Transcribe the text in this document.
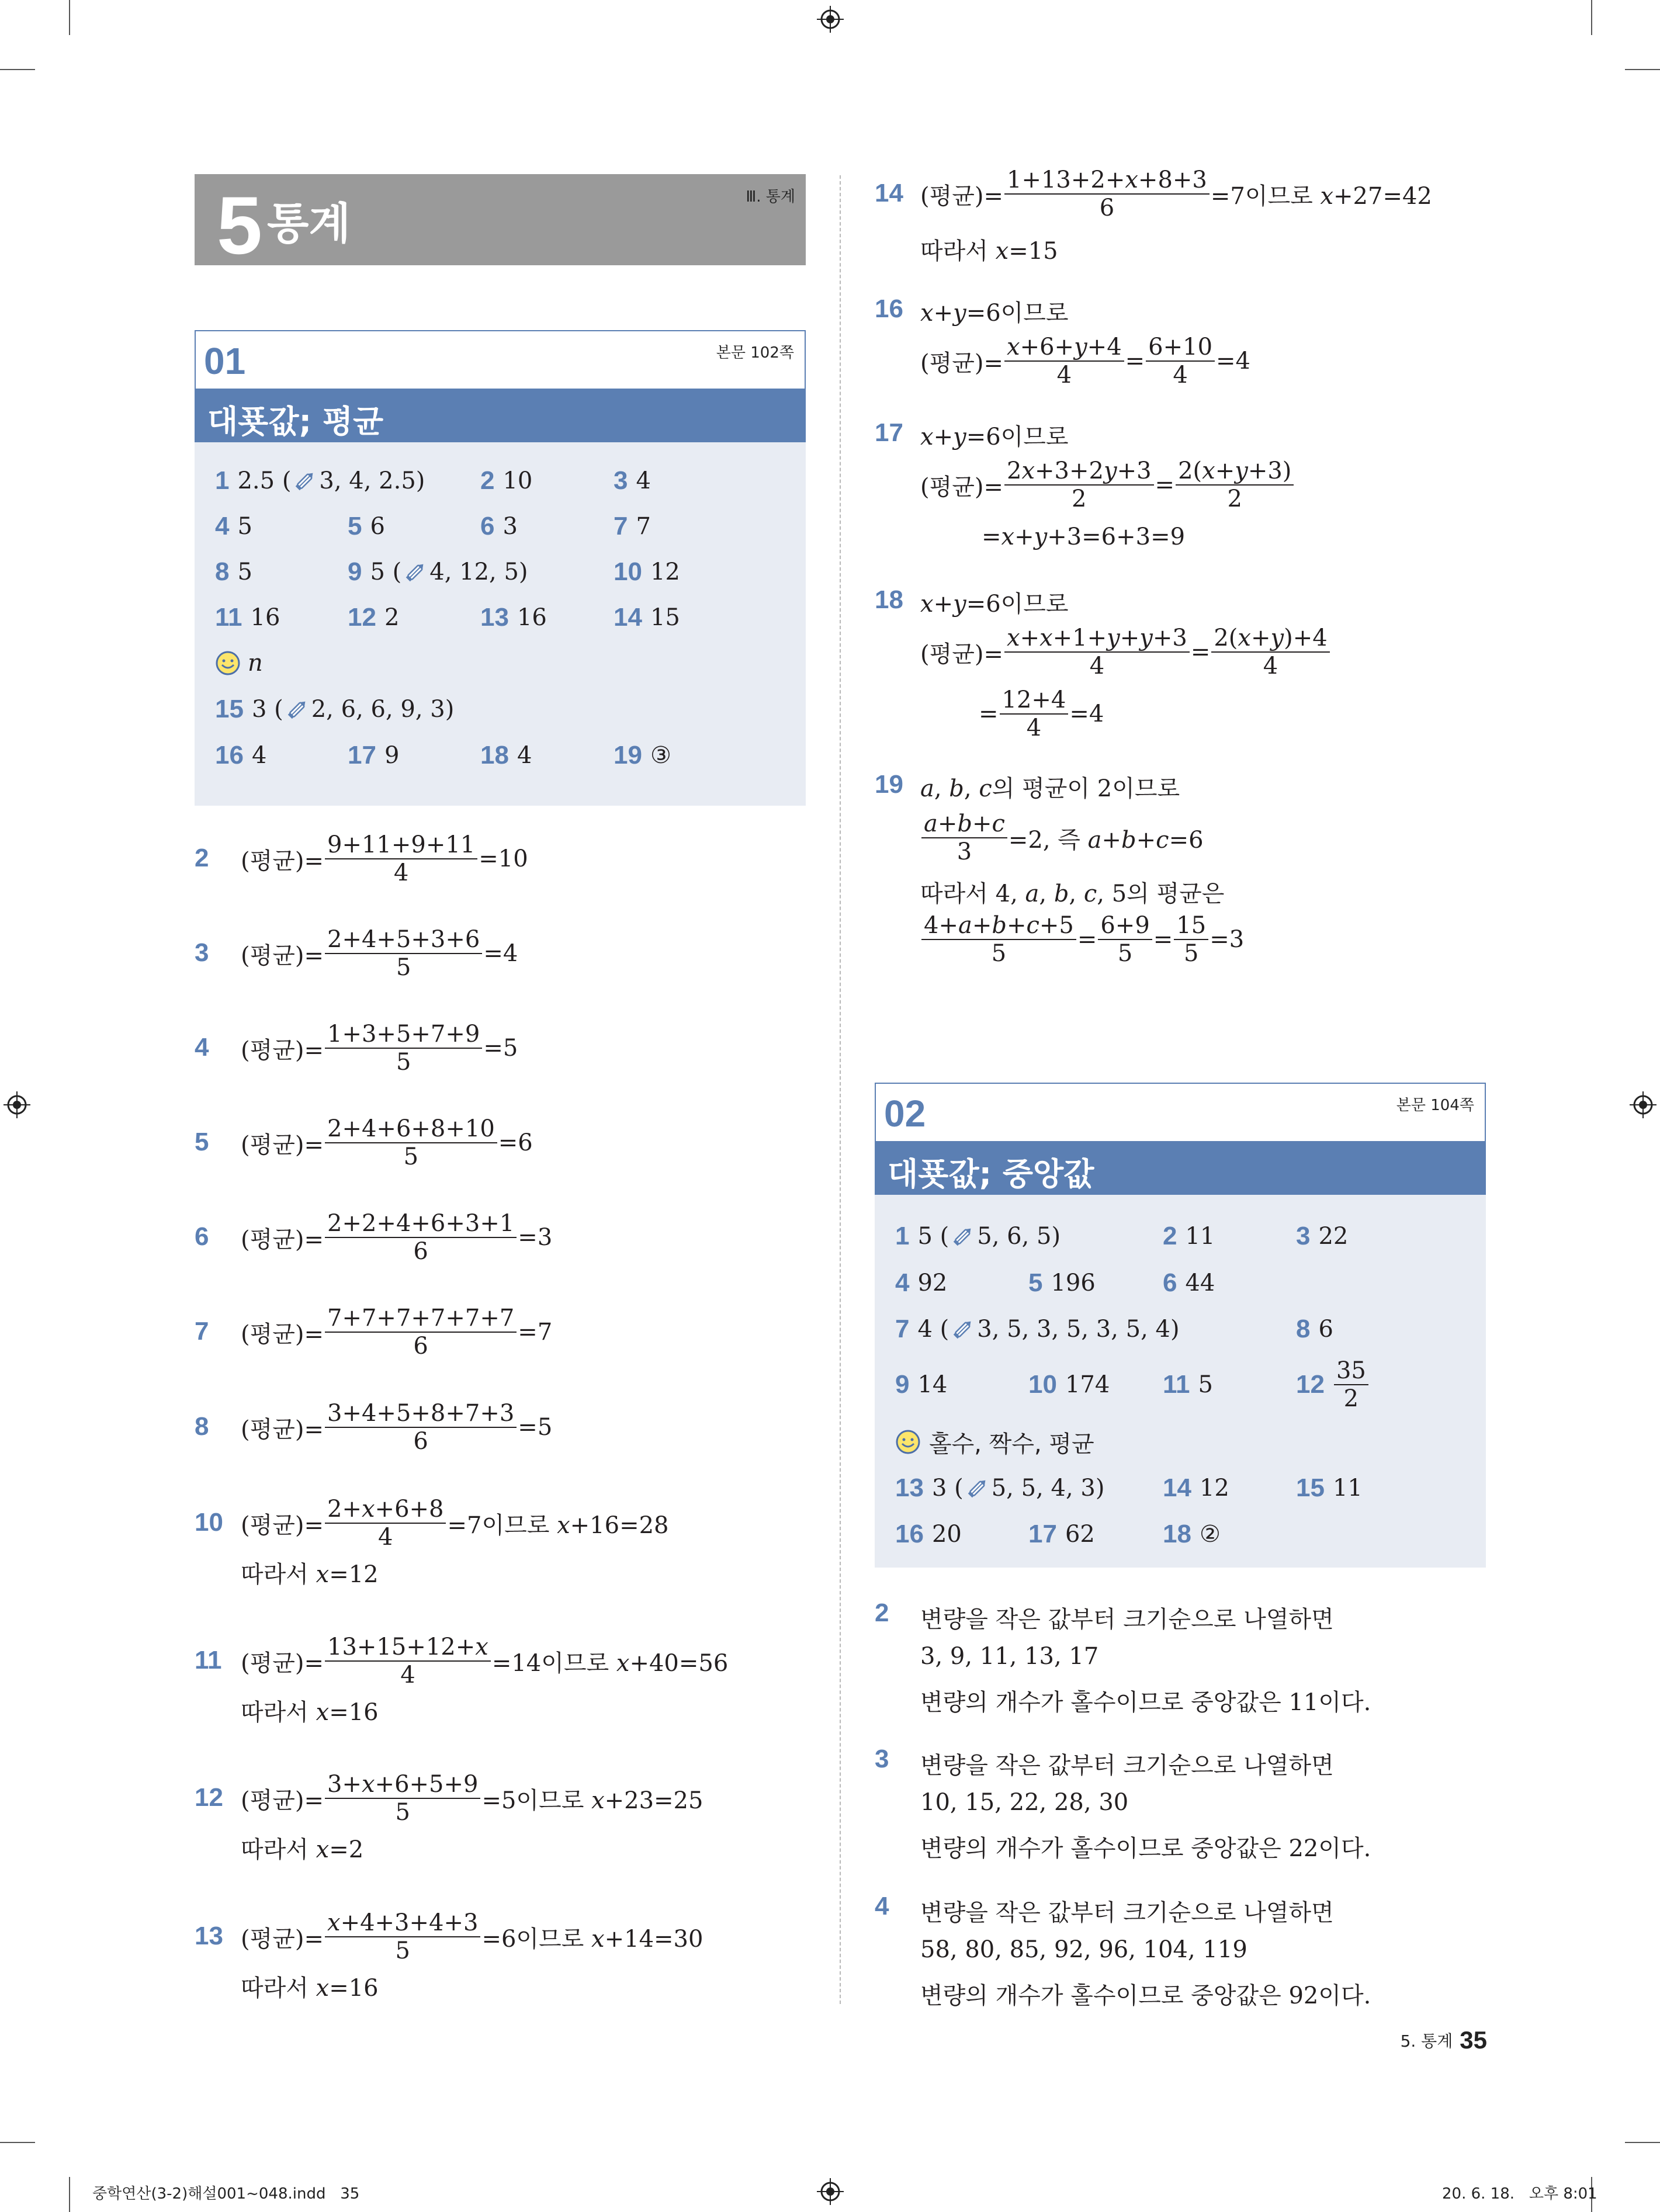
5 통계
Ⅲ. 통계
01	본문 102쪽
대푯값; 평균
1 2.5 ( 3, 4, 2.5) 2 10	3 4
4 5	5 6	6 3	7 7
8 5	9 5 ( 4, 12, 5)	10 12
11 16	12 2	13 16	14 15
n
15 3 ( 2, 6, 6, 9, 3)
16 4	17 9	18 4	19 ③
2 (평균)= $\frac{9+11+9+11}{4} =10$
3 (평균)= $\frac{2+4+5+3+6}{5} =4$
4 (평균)= $\frac{1+3+5+7+9}{5} =5$
5 (평균)= $\frac{2+4+6+8+10}{5} =6$
6 (평균)= $\frac{2+2+4+6+3+1}{6} =3$
7 (평균)= $\frac{7+7+7+7+7+7}{6} =7$
8 (평균)= $\frac{3+4+5+8+7+3}{6} =5$
10 (평균)= $\frac{2+x+6+8}{4} =7$이므로 x+16=28
따라서 x=12
11 (평균)= $\frac{13+15+12+x}{4} =14$이므로 x+40=56
따라서 x=16
12 (평균)= $\frac{3+x+6+5+9}{5} =5$이므로 x+23=25
따라서 x=2
13 (평균)= $\frac{x+4+3+4+3}{5} =6$이므로 x+14=30
따라서 x=16
14 (평균)= $\frac{1+13+2+x+8+3}{6} =7$이므로 x+27=42
따라서 x=15
16 x+y=6이므로
(평균)= $\frac{x+6+y+4}{4} = \frac{6+10}{4} =4$
17 x+y=6이므로
(평균)= $\frac{2x+3+2y+3}{2} = \frac{2(x+y+3)}{2}$
=x+y+3=6+3=9
18 x+y=6이므로
(평균)= $\frac{x+x+1+y+y+3}{4} = \frac{2(x+y)+4}{4}$
= $\frac{12+4}{4} =4$
19 a, b, c의 평균이 2이므로
$\frac{a+b+c}{3} =2$, 즉 a+b+c=6
따라서 4, a, b, c, 5의 평균은
$\frac{4+a+b+c+5}{5} = \frac{6+9}{5} = \frac{15}{5} =3$
02	본문 104쪽
대푯값; 중앙값
1 5 ( 5, 6, 5)	2 11	3 22
4 92	5 196	6 44
7 4 ( 3, 5, 3, 5, 3, 5, 4)	8 6
9 14	10 174 11 5	$12 \frac{35}{2}$
홀수, 짝수, 평균
13 3 ( 5, 5, 4, 3) 14 12	15 11
16 20	17 62	18 ②
2 변량을 작은 값부터 크기순으로 나열하면
3, 9, 11, 13, 17
변량의 개수가 홀수이므로 중앙값은 11이다.
3 변량을 작은 값부터 크기순으로 나열하면
10, 15, 22, 28, 30
변량의 개수가 홀수이므로 중앙값은 22이다.
4 변량을 작은 값부터 크기순으로 나열하면
58, 80, 85, 92, 96, 104, 119
변량의 개수가 홀수이므로 중앙값은 92이다.
5. 통계 35
중학연산(3-2)해설001~048.indd   35	20. 6. 18.   오후 8:01
